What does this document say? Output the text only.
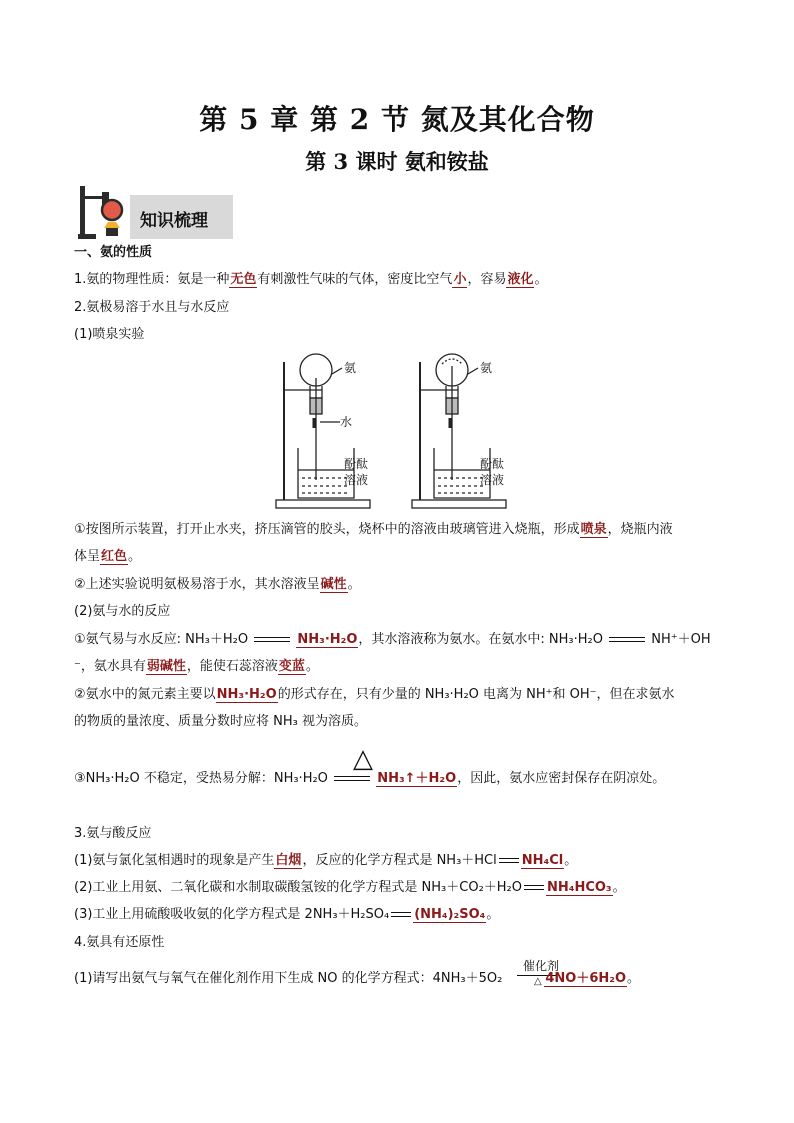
第 5 章 第 2 节 氮及其化合物
第 3 课时 氨和铵盐
知识梳理
一、氨的性质
1.氨的物理性质：氨是一种无色有刺激性气味的气体，密度比空气小，容易液化。
2.氨极易溶于水且与水反应
(1)喷泉实验
氨
水
酚酞
溶液
氨
酚酞
溶液
①按图所示装置，打开止水夹，挤压滴管的胶头，烧杯中的溶液由玻璃管进入烧瓶，形成喷泉，烧瓶内液
体呈红色。
②上述实验说明氨极易溶于水，其水溶液呈碱性。
(2)氨与水的反应
①氨气易与水反应: NH₃＋H₂O	NH₃·H₂O，其水溶液称为氨水。在氨水中: NH₃·H₂O	NH⁺＋OH
⁻，氨水具有弱碱性，能使石蕊溶液变蓝。
②氨水中的氮元素主要以NH₃·H₂O的形式存在，只有少量的 NH₃·H₂O 电离为 NH⁺和 OH⁻，但在求氨水
的物质的量浓度、质量分数时应将 NH₃ 视为溶质。
△
③NH₃·H₂O 不稳定，受热易分解：NH₃·H₂O	NH₃↑＋H₂O，因此，氨水应密封保存在阴凉处。
3.氨与酸反应
(1)氨与氯化氢相遇时的现象是产生白烟，反应的化学方程式是 NH₃＋HCl NH₄Cl。
(2)工业上用氨、二氧化碳和水制取碳酸氢铵的化学方程式是 NH₃＋CO₂＋H₂O NH₄HCO₃。
(3)工业上用硫酸吸收氨的化学方程式是 2NH₃＋H₂SO₄ (NH₄)₂SO₄。
4.氨具有还原性
催化剂
△
(1)请写出氨气与氧气在催化剂作用下生成 NO 的化学方程式：4NH₃＋5O₂	4NO＋6H₂O。
